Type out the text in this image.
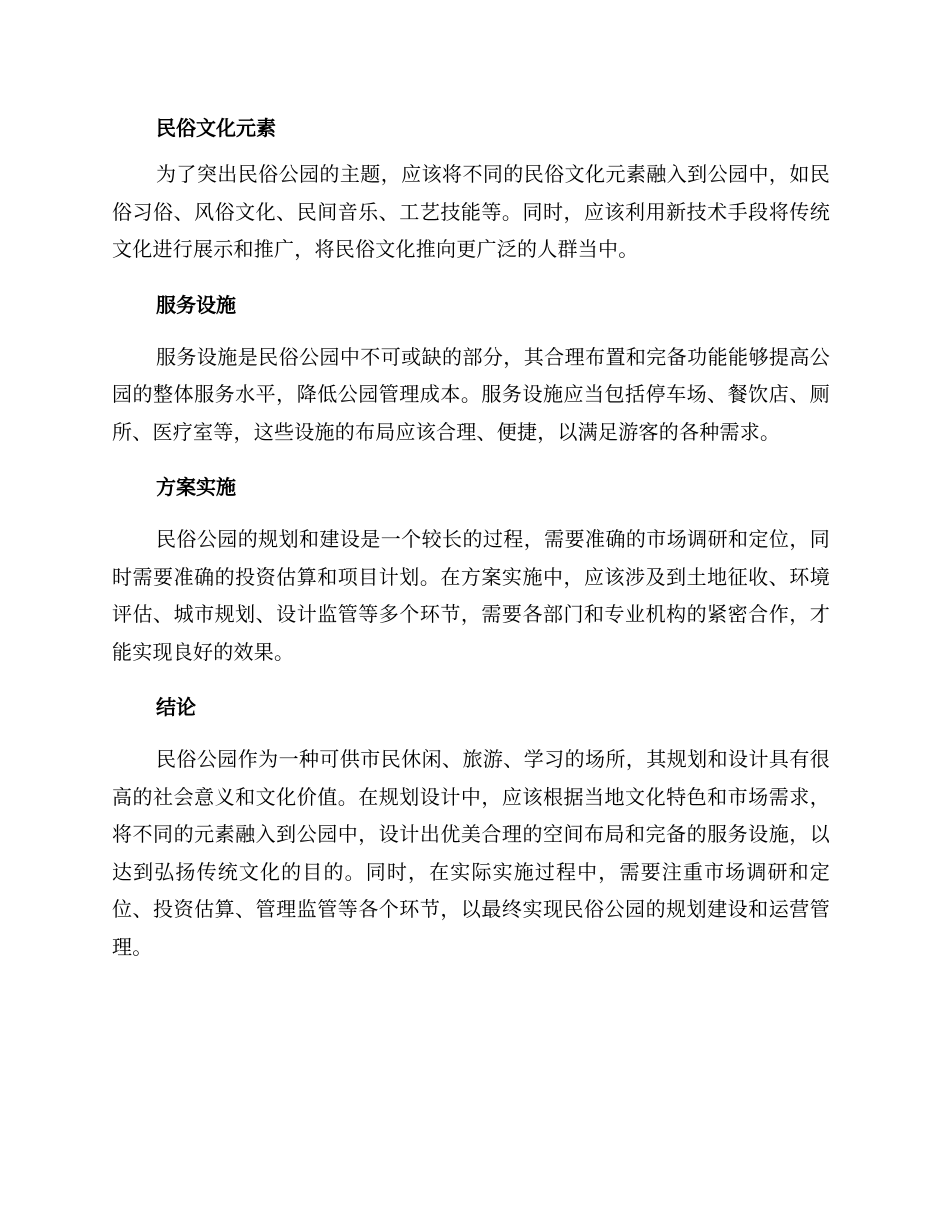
民俗文化元素

为了突出民俗公园的主题，应该将不同的民俗文化元素融入到公园中，如民俗习俗、风俗文化、民间音乐、工艺技能等。同时，应该利用新技术手段将传统文化进行展示和推广，将民俗文化推向更广泛的人群当中。

服务设施

服务设施是民俗公园中不可或缺的部分，其合理布置和完备功能能够提高公园的整体服务水平，降低公园管理成本。服务设施应当包括停车场、餐饮店、厕所、医疗室等，这些设施的布局应该合理、便捷，以满足游客的各种需求。

方案实施

民俗公园的规划和建设是一个较长的过程，需要准确的市场调研和定位，同时需要准确的投资估算和项目计划。在方案实施中，应该涉及到土地征收、环境评估、城市规划、设计监管等多个环节，需要各部门和专业机构的紧密合作，才能实现良好的效果。

结论

民俗公园作为一种可供市民休闲、旅游、学习的场所，其规划和设计具有很高的社会意义和文化价值。在规划设计中，应该根据当地文化特色和市场需求，将不同的元素融入到公园中，设计出优美合理的空间布局和完备的服务设施，以达到弘扬传统文化的目的。同时，在实际实施过程中，需要注重市场调研和定位、投资估算、管理监管等各个环节，以最终实现民俗公园的规划建设和运营管理。
